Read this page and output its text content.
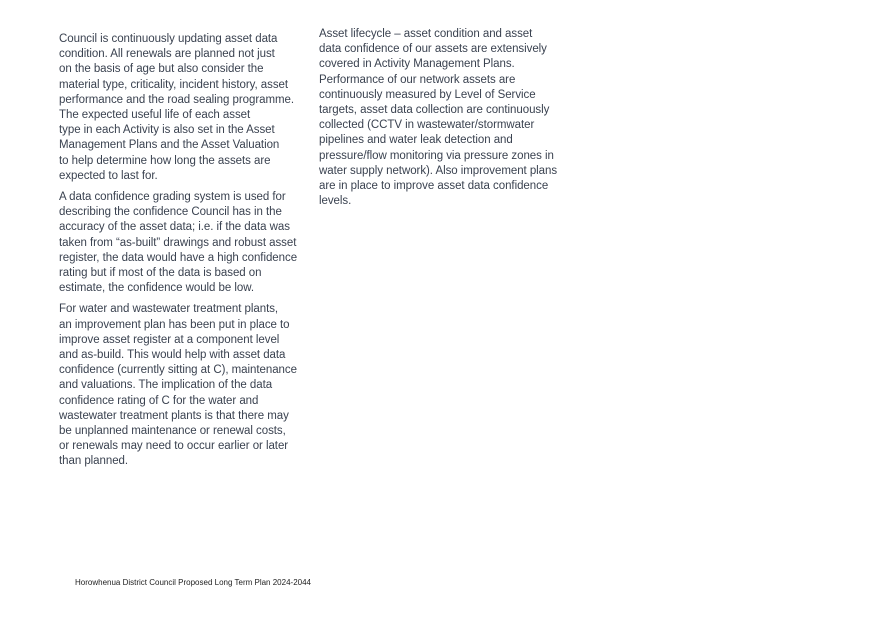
Council is continuously updating asset data
condition. All renewals are planned not just
on the basis of age but also consider the
material type, criticality, incident history, asset
performance and the road sealing programme.
The expected useful life of each asset
type in each Activity is also set in the Asset
Management Plans and the Asset Valuation
to help determine how long the assets are
expected to last for.
A data confidence grading system is used for
describing the confidence Council has in the
accuracy of the asset data; i.e. if the data was
taken from “as-built” drawings and robust asset
register, the data would have a high confidence
rating but if most of the data is based on
estimate, the confidence would be low.
For water and wastewater treatment plants,
an improvement plan has been put in place to
improve asset register at a component level
and as-build. This would help with asset data
confidence (currently sitting at C), maintenance
and valuations. The implication of the data
confidence rating of C for the water and
wastewater treatment plants is that there may
be unplanned maintenance or renewal costs,
or renewals may need to occur earlier or later
than planned.
Asset lifecycle – asset condition and asset
data confidence of our assets are extensively
covered in Activity Management Plans.
Performance of our network assets are
continuously measured by Level of Service
targets, asset data collection are continuously
collected (CCTV in wastewater/stormwater
pipelines and water leak detection and
pressure/flow monitoring via pressure zones in
water supply network). Also improvement plans
are in place to improve asset data confidence
levels.
Horowhenua District Council Proposed Long Term Plan 2024-2044
